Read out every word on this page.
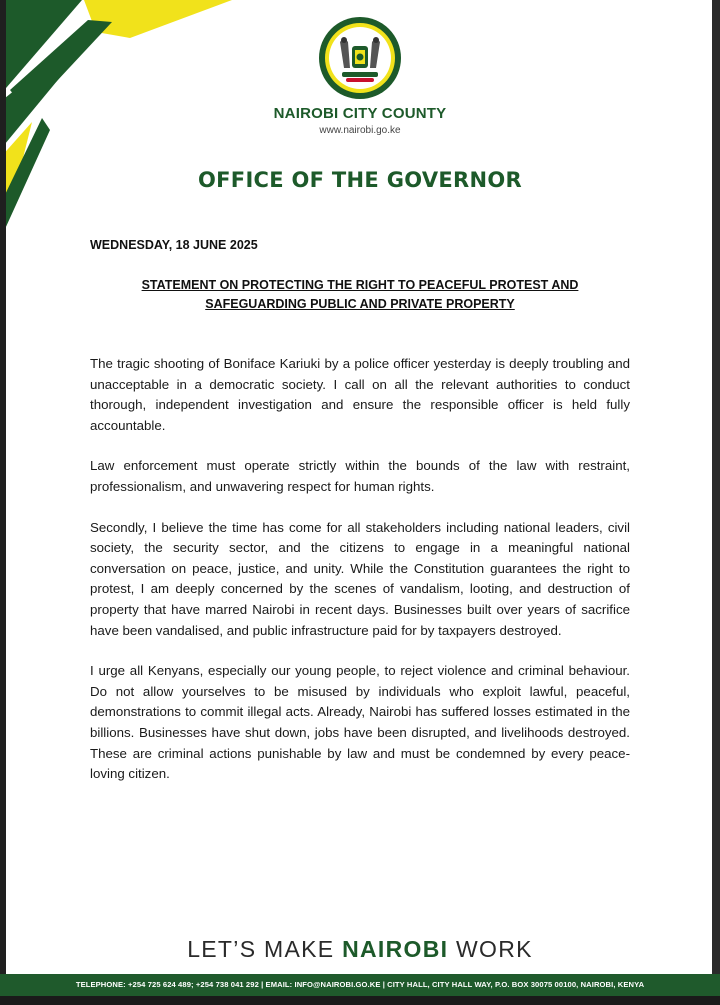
NAIROBI CITY COUNTY
www.nairobi.go.ke
OFFICE OF THE GOVERNOR
WEDNESDAY, 18 JUNE 2025
STATEMENT ON PROTECTING THE RIGHT TO PEACEFUL PROTEST AND
SAFEGUARDING PUBLIC AND PRIVATE PROPERTY

The tragic shooting of Boniface Kariuki by a police officer yesterday is deeply troubling and unacceptable in a democratic society. I call on all the relevant authorities to conduct thorough, independent investigation and ensure the responsible officer is held fully accountable.

Law enforcement must operate strictly within the bounds of the law with restraint, professionalism, and unwavering respect for human rights.

Secondly, I believe the time has come for all stakeholders including national leaders, civil society, the security sector, and the citizens to engage in a meaningful national conversation on peace, justice, and unity. While the Constitution guarantees the right to protest, I am deeply concerned by the scenes of vandalism, looting, and destruction of property that have marred Nairobi in recent days. Businesses built over years of sacrifice have been vandalised, and public infrastructure paid for by taxpayers destroyed.

I urge all Kenyans, especially our young people, to reject violence and criminal behaviour. Do not allow yourselves to be misused by individuals who exploit lawful, peaceful, demonstrations to commit illegal acts. Already, Nairobi has suffered losses estimated in the billions. Businesses have shut down, jobs have been disrupted, and livelihoods destroyed. These are criminal actions punishable by law and must be condemned by every peace-loving citizen.

LET’S MAKE NAIROBI WORK
TELEPHONE: +254 725 624 489; +254 738 041 292 | EMAIL: INFO@NAIROBI.GO.KE | CITY HALL, CITY HALL WAY, P.O. BOX 30075 00100, NAIROBI, KENYA
